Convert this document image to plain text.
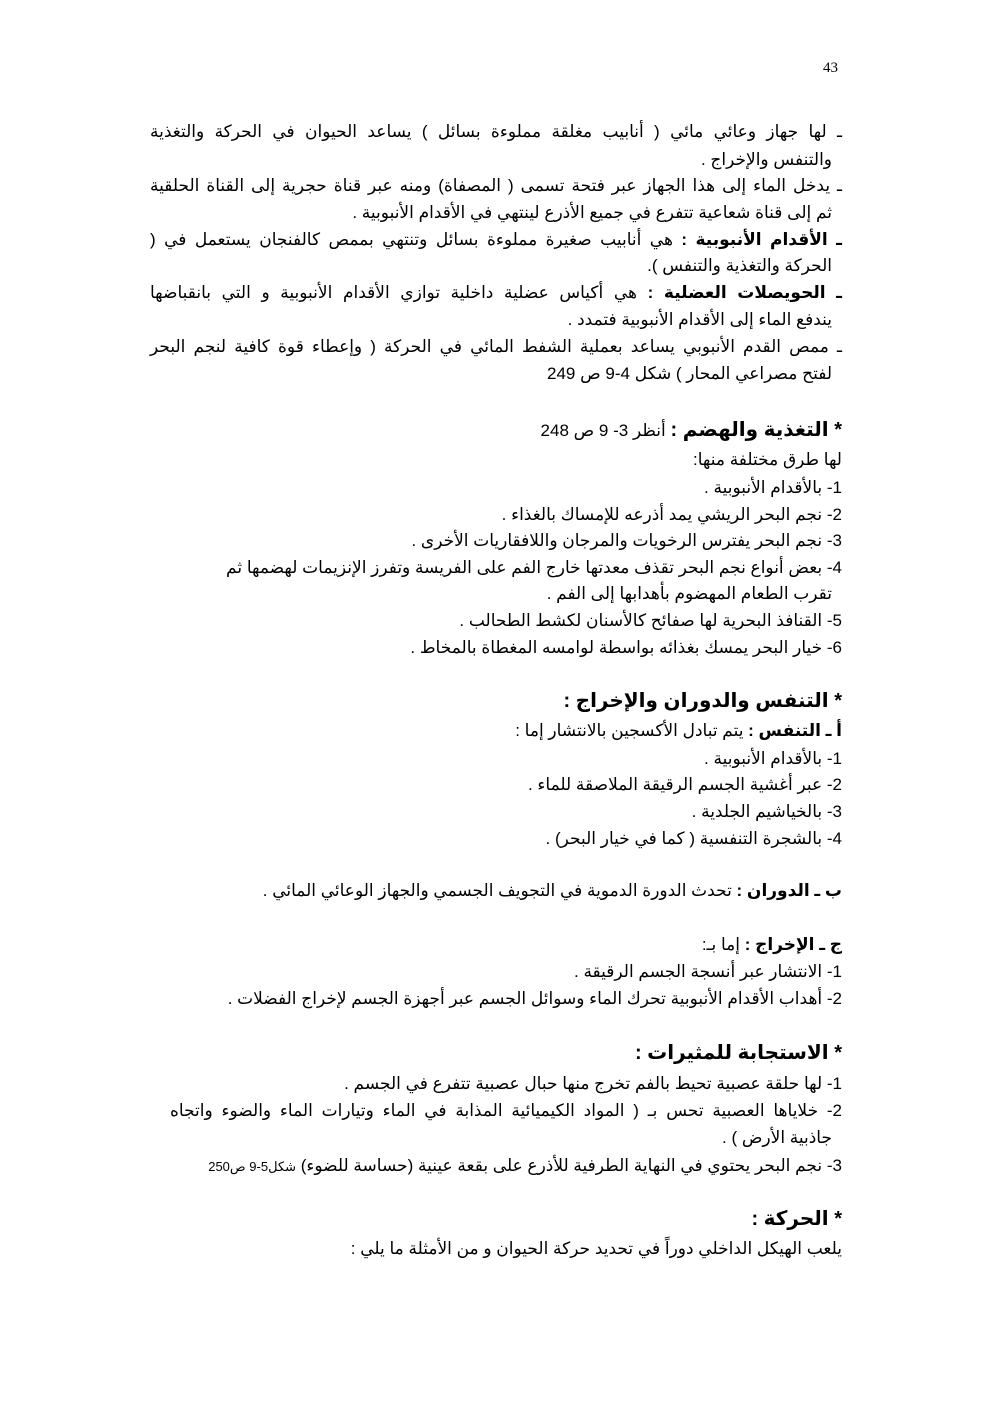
43
ـ لها جهاز وعائي مائي ( أنابيب مغلقة مملوءة بسائل ) يساعد الحيوان في الحركة والتغذية
والتنفس والإخراج .
ـ يدخل الماء إلى هذا الجهاز عبر فتحة تسمى ( المصفاة) ومنه عبر قناة حجرية إلى القناة الحلقية
ثم إلى قناة شعاعية تتفرع في جميع الأذرع لينتهي في الأقدام الأنبوبية .
ـ الأقدام الأنبوبية : هي أنابيب صغيرة مملوءة بسائل وتنتهي بممص كالفنجان يستعمل في (
الحركة والتغذية والتنفس ).
ـ الحويصلات العضلية : هي أكياس عضلية داخلية توازي الأقدام الأنبوبية و التي بانقباضها
يندفع الماء إلى الأقدام الأنبوبية فتمدد .
ـ ممص القدم الأنبوبي يساعد بعملية الشفط المائي في الحركة ( وإعطاء قوة كافية لنجم البحر
لفتح مصراعي المحار ) شكل 4-9 ص 249
* التغذية والهضم : أنظر 3- 9 ص 248
لها طرق مختلفة منها:
1- بالأقدام الأنبوبية .
2- نجم البحر الريشي يمد أذرعه للإمساك بالغذاء .
3- نجم البحر يفترس الرخويات والمرجان واللافقاريات الأخرى .
4- بعض أنواع نجم البحر تقذف معدتها خارج الفم على الفريسة وتفرز الإنزيمات لهضمها ثم
تقرب الطعام المهضوم بأهدابها إلى الفم .
5- القنافذ البحرية لها صفائح كالأسنان لكشط الطحالب .
6- خيار البحر يمسك بغذائه بواسطة لوامسه المغطاة بالمخاط .
* التنفس والدوران والإخراج :
أ ـ التنفس : يتم تبادل الأكسجين بالانتشار إما :
1- بالأقدام الأنبوبية .
2- عبر أغشية الجسم الرقيقة الملاصقة للماء .
3- بالخياشيم الجلدية .
4- بالشجرة التنفسية ( كما في خيار البحر) .
ب ـ الدوران : تحدث الدورة الدموية في التجويف الجسمي والجهاز الوعائي المائي .
ج ـ الإخراج : إما بـ:
1- الانتشار عبر أنسجة الجسم الرقيقة .
2- أهداب الأقدام الأنبوبية تحرك الماء وسوائل الجسم عبر أجهزة الجسم لإخراج الفضلات .
* الاستجابة للمثيرات :
1- لها حلقة عصبية تحيط بالفم تخرج منها حبال عصبية تتفرع في الجسم .
2- خلاياها العصبية تحس بـ ( المواد الكيميائية المذابة في الماء وتيارات الماء والضوء واتجاه
جاذبية الأرض ) .
3- نجم البحر يحتوي في النهاية الطرفية للأذرع على بقعة عينية (حساسة للضوء) شكل5-9 ص250
* الحركة :
يلعب الهيكل الداخلي دوراً في تحديد حركة الحيوان و من الأمثلة ما يلي :
